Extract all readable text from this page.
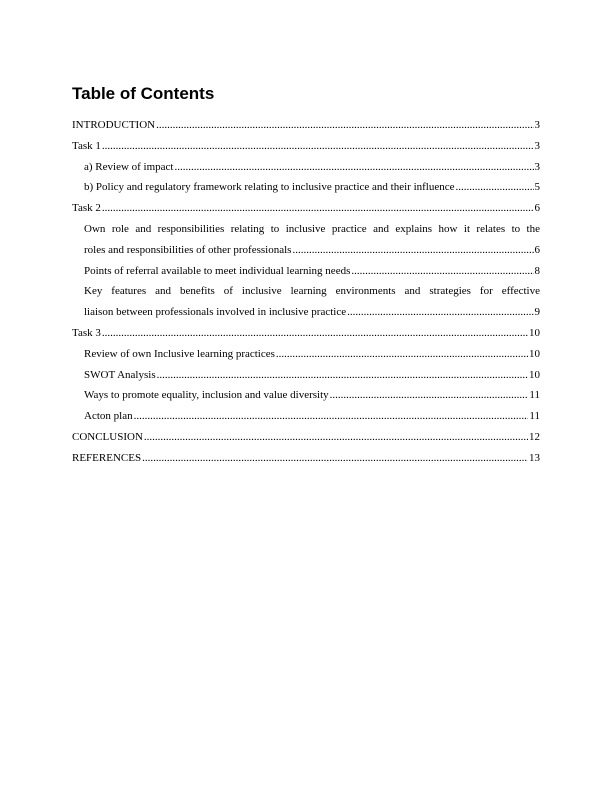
Table of Contents
INTRODUCTION .....	3
Task 1 .....	3
a) Review of impact .....	3
b) Policy and regulatory framework relating to inclusive practice and their influence .....	5
Task 2 .....	6
Own role and responsibilities relating to inclusive practice and explains how it relates to the
roles and responsibilities of other professionals .....	6
Points of referral available to meet individual learning needs .....	8
Key features and benefits of inclusive learning environments and strategies for effective
liaison between professionals involved in inclusive practice .....	9
Task 3 .....	10
Review of own Inclusive learning practices .....	10
SWOT Analysis .....	10
Ways to promote equality, inclusion and value diversity .....	11
Acton plan .....	11
CONCLUSION .....	12
REFERENCES .....	13
